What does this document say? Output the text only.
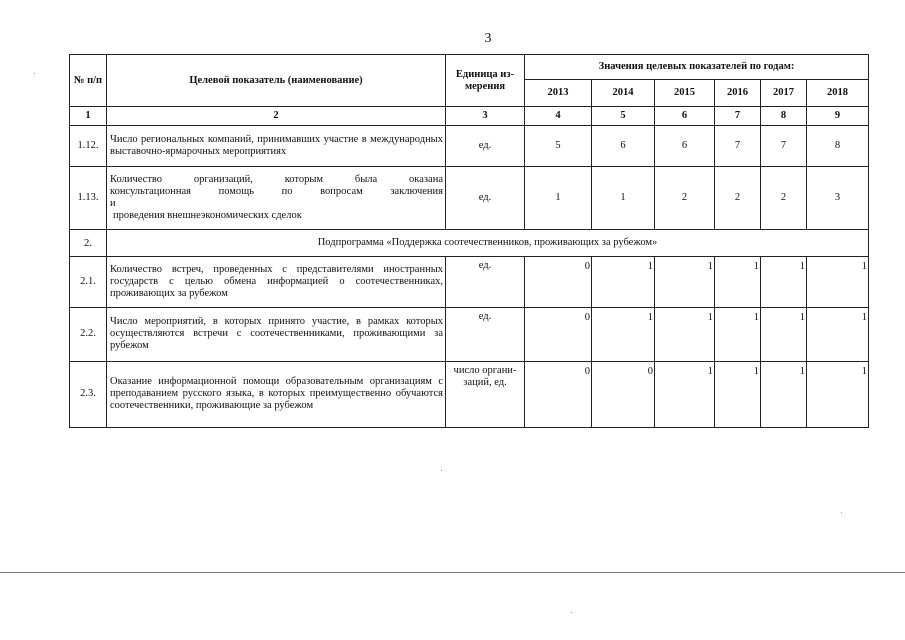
3
№ п/п	Целевой показатель (наименование)	Единица из-мерения	Значения целевых показателей по годам:					
			2013	2014	2015	2016	2017	2018
1	2	3	4	5	6	7	8	9
1.12.	Число региональных компаний, принимавших участие в международных выставочно-ярмарочных мероприятиях	ед.	5	6	6	7	7	8
1.13.	Количество организаций, которым была оказана
консультационная помощь по вопросам заключения
и
проведения внешнеэкономических сделок	ед.	1	1	2	2	2	3
2.	Подпрограмма «Поддержка соотечественников, проживающих за рубежом»							
2.1.	Количество встреч, проведенных с представителями иностранных государств с целью обмена информацией о соотечественниках, проживающих за рубежом	ед.	0	1	1	1	1	1
2.2.	Число мероприятий, в которых принято участие, в рамках которых осуществляются встречи с соотечественниками, проживающими за рубежом	ед.	0	1	1	1	1	1
2.3.	Оказание информационной помощи образовательным организациям с преподаванием русского языка, в которых преимущественно обучаются соотечественники, проживающие за рубежом	число органи-заций, ед.	0	0	1	1	1	1
